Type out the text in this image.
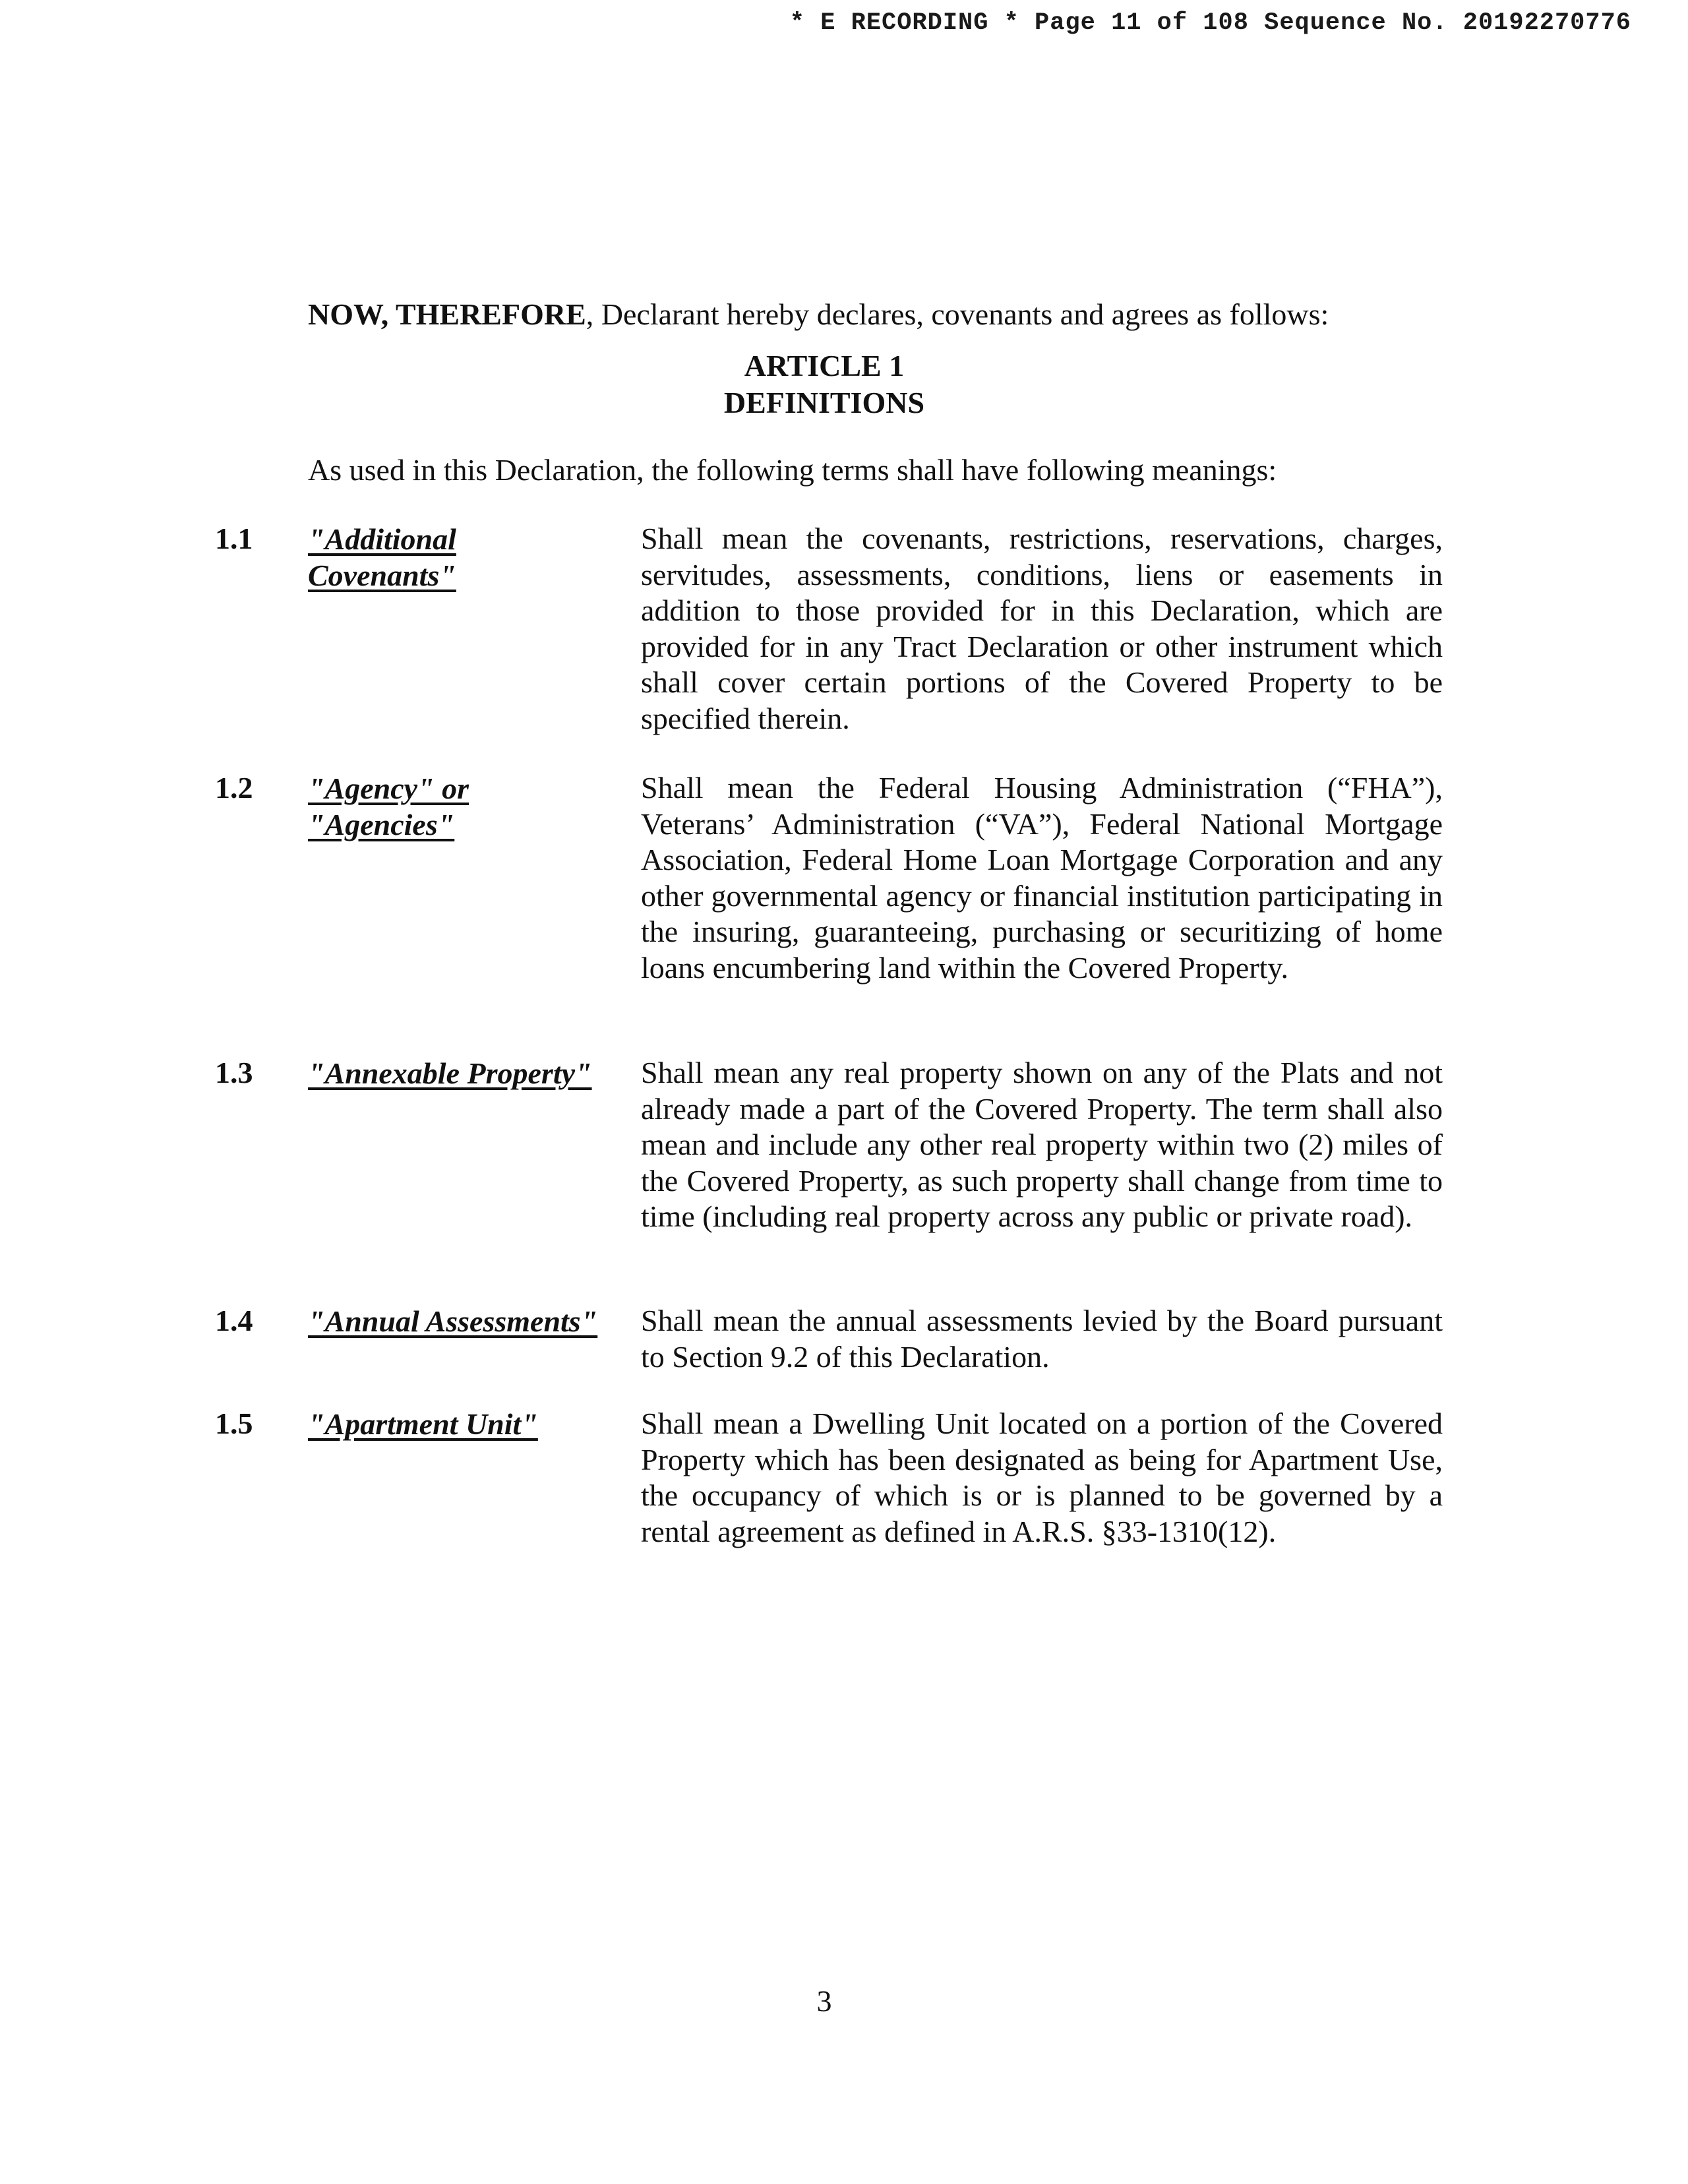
* E RECORDING * Page 11 of 108 Sequence No. 20192270776
NOW, THEREFORE, Declarant hereby declares, covenants and agrees as follows:
ARTICLE 1
DEFINITIONS
As used in this Declaration, the following terms shall have following meanings:
1.1 "Additional Covenants"
Shall mean the covenants, restrictions, reservations, charges, servitudes, assessments, conditions, liens or easements in addition to those provided for in this Declaration, which are provided for in any Tract Declaration or other instrument which shall cover certain portions of the Covered Property to be specified therein.
1.2 "Agency" or "Agencies"
Shall mean the Federal Housing Administration (“FHA”), Veterans’ Administration (“VA”), Federal National Mortgage Association, Federal Home Loan Mortgage Corporation and any other governmental agency or financial institution participating in the insuring, guaranteeing, purchasing or securitizing of home loans encumbering land within the Covered Property.
1.3 "Annexable Property"	Shall mean any real property shown on any of the Plats and not already made a part of the Covered Property. The term shall also mean and include any other real property within two (2) miles of the Covered Property, as such property shall change from time to time (including real property across any public or private road).
1.4 "Annual Assessments"	Shall mean the annual assessments levied by the Board pursuant to Section 9.2 of this Declaration.
1.5 "Apartment Unit"	Shall mean a Dwelling Unit located on a portion of the Covered Property which has been designated as being for Apartment Use, the occupancy of which is or is planned to be governed by a rental agreement as defined in A.R.S. §33-1310(12).
3
